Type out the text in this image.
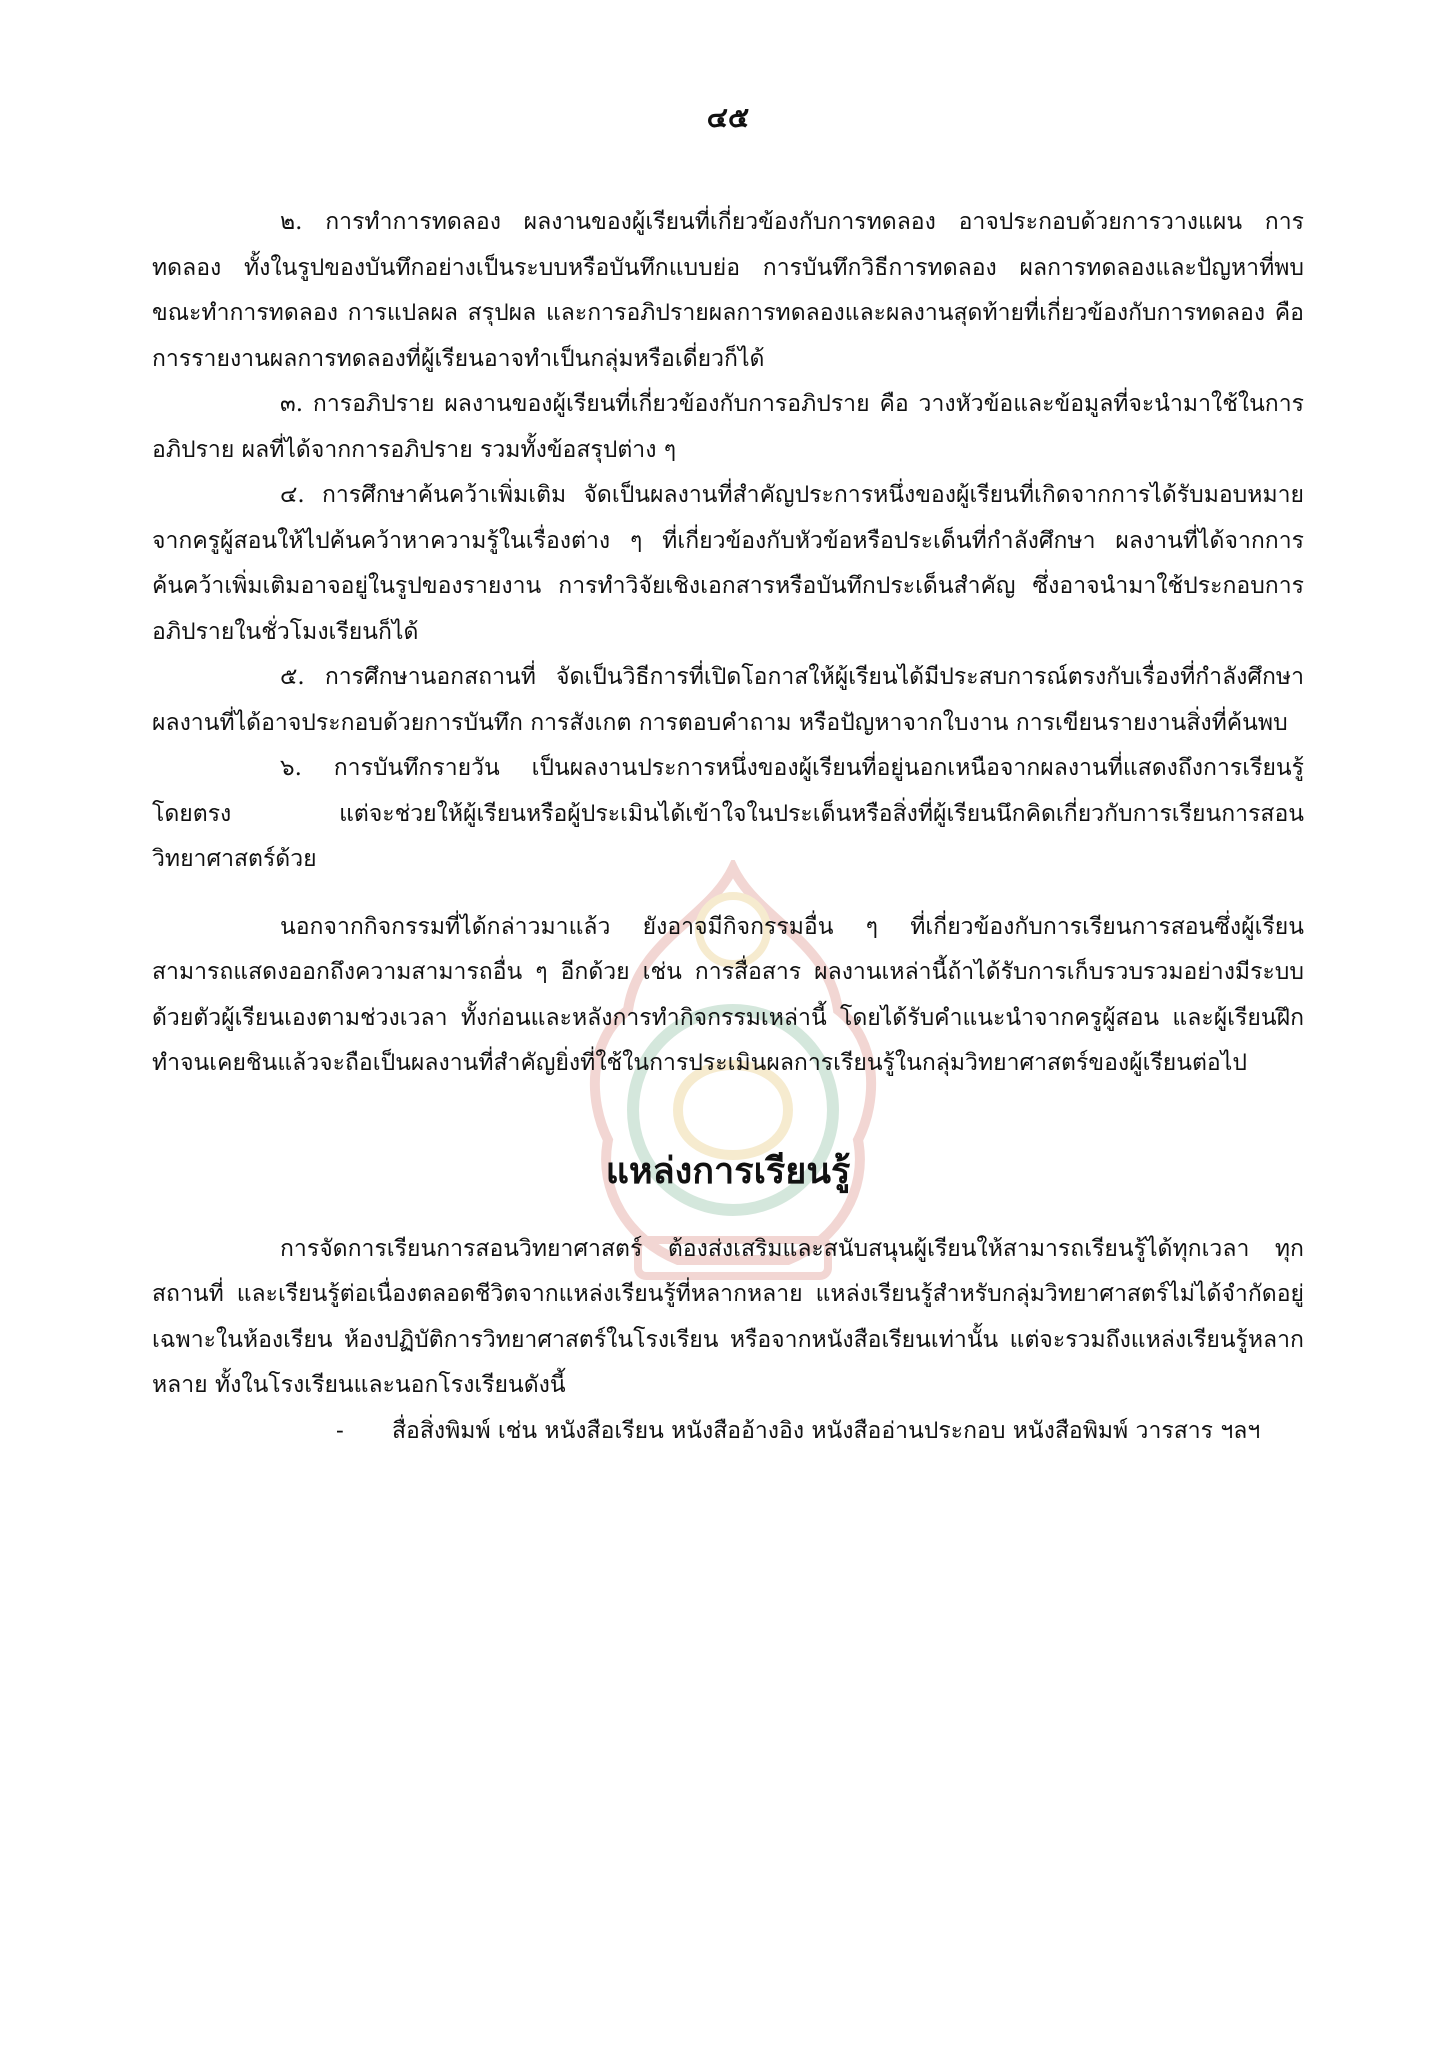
๔๕

๒. การทำการทดลอง ผลงานของผู้เรียนที่เกี่ยวข้องกับการทดลอง อาจประกอบด้วยการวางแผน การทดลอง ทั้งในรูปของบันทึกอย่างเป็นระบบหรือบันทึกแบบย่อ การบันทึกวิธีการทดลอง ผลการทดลองและปัญหาที่พบขณะทำการทดลอง การแปลผล สรุปผล และการอภิปรายผลการทดลองและผลงานสุดท้ายที่เกี่ยวข้องกับการทดลอง คือ การรายงานผลการทดลองที่ผู้เรียนอาจทำเป็นกลุ่มหรือเดี่ยวก็ได้

๓. การอภิปราย ผลงานของผู้เรียนที่เกี่ยวข้องกับการอภิปราย คือ วางหัวข้อและข้อมูลที่จะนำมาใช้ในการอภิปราย ผลที่ได้จากการอภิปราย รวมทั้งข้อสรุปต่าง ๆ

๔. การศึกษาค้นคว้าเพิ่มเติม จัดเป็นผลงานที่สำคัญประการหนึ่งของผู้เรียนที่เกิดจากการได้รับมอบหมายจากครูผู้สอนให้ไปค้นคว้าหาความรู้ในเรื่องต่าง ๆ ที่เกี่ยวข้องกับหัวข้อหรือประเด็นที่กำลังศึกษา ผลงานที่ได้จากการค้นคว้าเพิ่มเติมอาจอยู่ในรูปของรายงาน การทำวิจัยเชิงเอกสารหรือบันทึกประเด็นสำคัญ ซึ่งอาจนำมาใช้ประกอบการอภิปรายในชั่วโมงเรียนก็ได้

๕. การศึกษานอกสถานที่ จัดเป็นวิธีการที่เปิดโอกาสให้ผู้เรียนได้มีประสบการณ์ตรงกับเรื่องที่กำลังศึกษา ผลงานที่ได้อาจประกอบด้วยการบันทึก การสังเกต การตอบคำถาม หรือปัญหาจากใบงาน การเขียนรายงานสิ่งที่ค้นพบ

๖. การบันทึกรายวัน เป็นผลงานประการหนึ่งของผู้เรียนที่อยู่นอกเหนือจากผลงานที่แสดงถึงการเรียนรู้โดยตรง แต่จะช่วยให้ผู้เรียนหรือผู้ประเมินได้เข้าใจในประเด็นหรือสิ่งที่ผู้เรียนนึกคิดเกี่ยวกับการเรียนการสอนวิทยาศาสตร์ด้วย

นอกจากกิจกรรมที่ได้กล่าวมาแล้ว ยังอาจมีกิจกรรมอื่น ๆ ที่เกี่ยวข้องกับการเรียนการสอนซึ่งผู้เรียนสามารถแสดงออกถึงความสามารถอื่น ๆ อีกด้วย เช่น การสื่อสาร ผลงานเหล่านี้ถ้าได้รับการเก็บรวบรวมอย่างมีระบบด้วยตัวผู้เรียนเองตามช่วงเวลา ทั้งก่อนและหลังการทำกิจกรรมเหล่านี้ โดยได้รับคำแนะนำจากครูผู้สอน และผู้เรียนฝึกทำจนเคยชินแล้วจะถือเป็นผลงานที่สำคัญยิ่งที่ใช้ในการประเมินผลการเรียนรู้ในกลุ่มวิทยาศาสตร์ของผู้เรียนต่อไป

แหล่งการเรียนรู้

การจัดการเรียนการสอนวิทยาศาสตร์ ต้องส่งเสริมและสนับสนุนผู้เรียนให้สามารถเรียนรู้ได้ทุกเวลา ทุกสถานที่ และเรียนรู้ต่อเนื่องตลอดชีวิตจากแหล่งเรียนรู้ที่หลากหลาย แหล่งเรียนรู้สำหรับกลุ่มวิทยาศาสตร์ไม่ได้จำกัดอยู่เฉพาะในห้องเรียน ห้องปฏิบัติการวิทยาศาสตร์ในโรงเรียน หรือจากหนังสือเรียนเท่านั้น แต่จะรวมถึงแหล่งเรียนรู้หลากหลาย ทั้งในโรงเรียนและนอกโรงเรียนดังนี้

-	สื่อสิ่งพิมพ์ เช่น หนังสือเรียน หนังสืออ้างอิง หนังสืออ่านประกอบ หนังสือพิมพ์ วารสาร ฯลฯ
